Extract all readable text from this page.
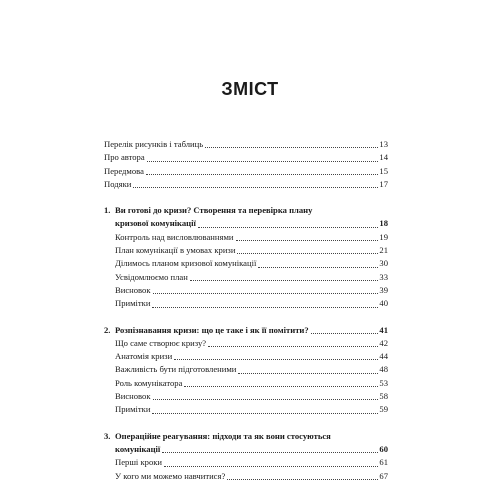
ЗМІСТ
Перелік рисунків і таблиць	13
Про автора	14
Передмова	15
Подяки	17
1. Ви готові до кризи? Створення та перевірка плану
кризової комунікації	18
Контроль над висловлюваннями	19
План комунікації в умовах кризи	21
Ділимось планом кризової комунікації	30
Усвідомлюємо план	33
Висновок	39
Примітки	40
2. Розпізнавання кризи: що це таке і як її помітити?	41
Що саме створює кризу?	42
Анатомія кризи	44
Важливість бути підготовленими	48
Роль комунікатора	53
Висновок	58
Примітки	59
3. Операційне реагування: підходи та як вони стосуються
комунікації	60
Перші кроки	61
У кого ми можемо навчитися?	67
